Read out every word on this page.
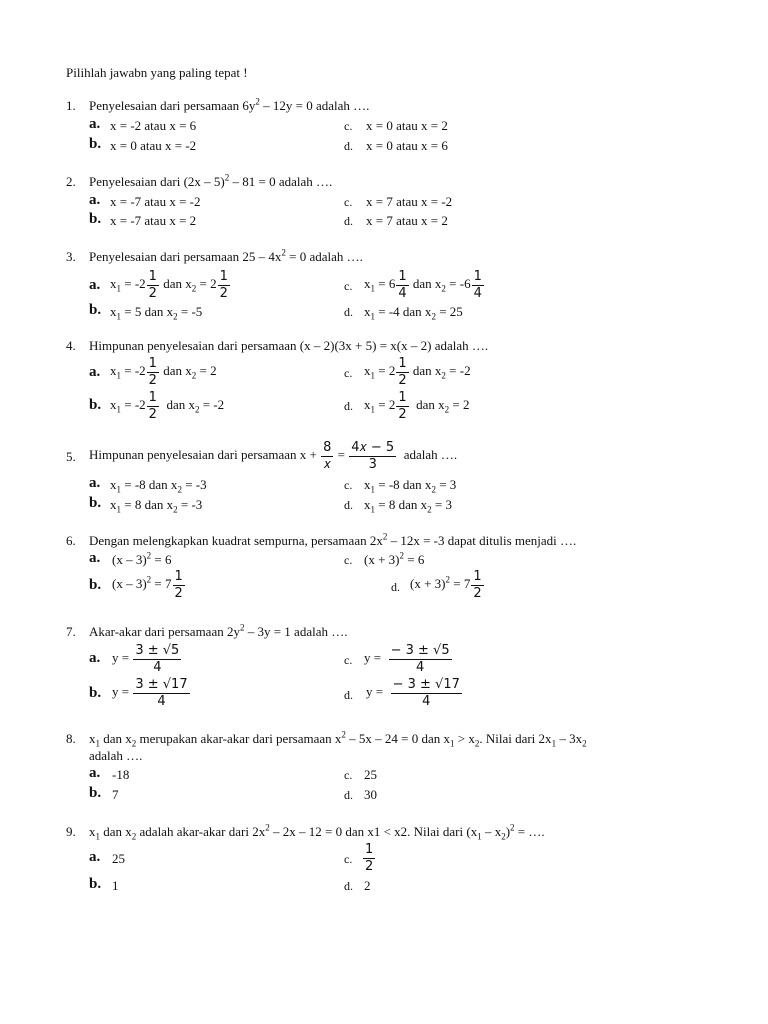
Pilihlah jawabn yang paling tepat !
1. Penyelesaian dari persamaan $6y^2 - 12y = 0$ adalah ….
a. x = -2 atau x = 6
b. x = 0 atau x = -2
c. x = 0 atau x = 2
d. x = 0 atau x = 6
2. Penyelesaian dari (2x – 5)$^2$ – 81 = 0 adalah ….
a. x = -7 atau x = -2
b. x = -7 atau x = 2
c. x = 7 atau x = -2
d. x = 7 atau x = 2
3. Penyelesaian dari persamaan $25 - 4x^2 = 0$ adalah ….
a. $x_1 = -2 \frac{1}{2}$ dan $x_2 = 2 \frac{1}{2}$
b. $x_1 = 5$ dan $x_2 = -5$
c. $x_1 = 6 \frac{1}{4}$ dan $x_2 = -6 \frac{1}{4}$
d. $x_1 = -4$ dan $x_2 = 25$
4. Himpunan penyelesaian dari persamaan (x – 2)(3x + 5) = x(x – 2) adalah ….
a. $x_1 = -2 \frac{1}{2}$ dan $x_2 = 2$
b. $x_1 = -2 \frac{1}{2}$ dan $x_2 = -2$
c. $x_1 = 2 \frac{1}{2}$ dan $x_2 = -2$
d. $x_1 = 2 \frac{1}{2}$ dan $x_2 = 2$
5. Himpunan penyelesaian dari persamaan $x + \frac{8}{\text{𝑥}} = \frac{\text{4𝑥 − 5}}{3}$ adalah ….
a. $x_1 = -8$ dan $x_2 = -3$
b. $x_1 = 8$ dan $x_2 = -3$
c. $x_1 = -8$ dan $x_2 = 3$
d. $x_1 = 8$ dan $x_2 = 3$
6. Dengan melengkapkan kuadrat sempurna, persamaan $2x^2 - 12x = -3$ dapat ditulis menjadi ….
a. (x – 3)$^2$ = 6
b. $(x - 3)^2 = 7 \frac{1}{2}$
c. $(x + 3)^2 = 6$
d. $(x + 3)^2 = 7 \frac{1}{2}$
7. Akar-akar dari persamaan $2y^2 - 3y = 1$ adalah ….
a. $y = \frac{3 \pm √5}{4}$
b. $y = \frac{3 \pm √17}{4}$
c. $y = \frac{- 3 \pm √5}{4}$
d. $y = \frac{- 3 \pm √17}{4}$
8. $x_1$ dan $x_2$ merupakan akar-akar dari persamaan $x^2 - 5x - 24 = 0$ dan $x_1 > x_2$. Nilai dari $2x_1 - 3x_2$
adalah ….
a. -18
b. 7
c. 25
d. 30
9. $x_1$ dan $x_2$ adalah akar-akar dari $2x^2 - 2x - 12 = 0$ dan x1 < x2. Nilai dari $(x_1 - x_2)^2$ = ….
a. 25
b. 1
c. $\frac{1}{2}$
d. 2
